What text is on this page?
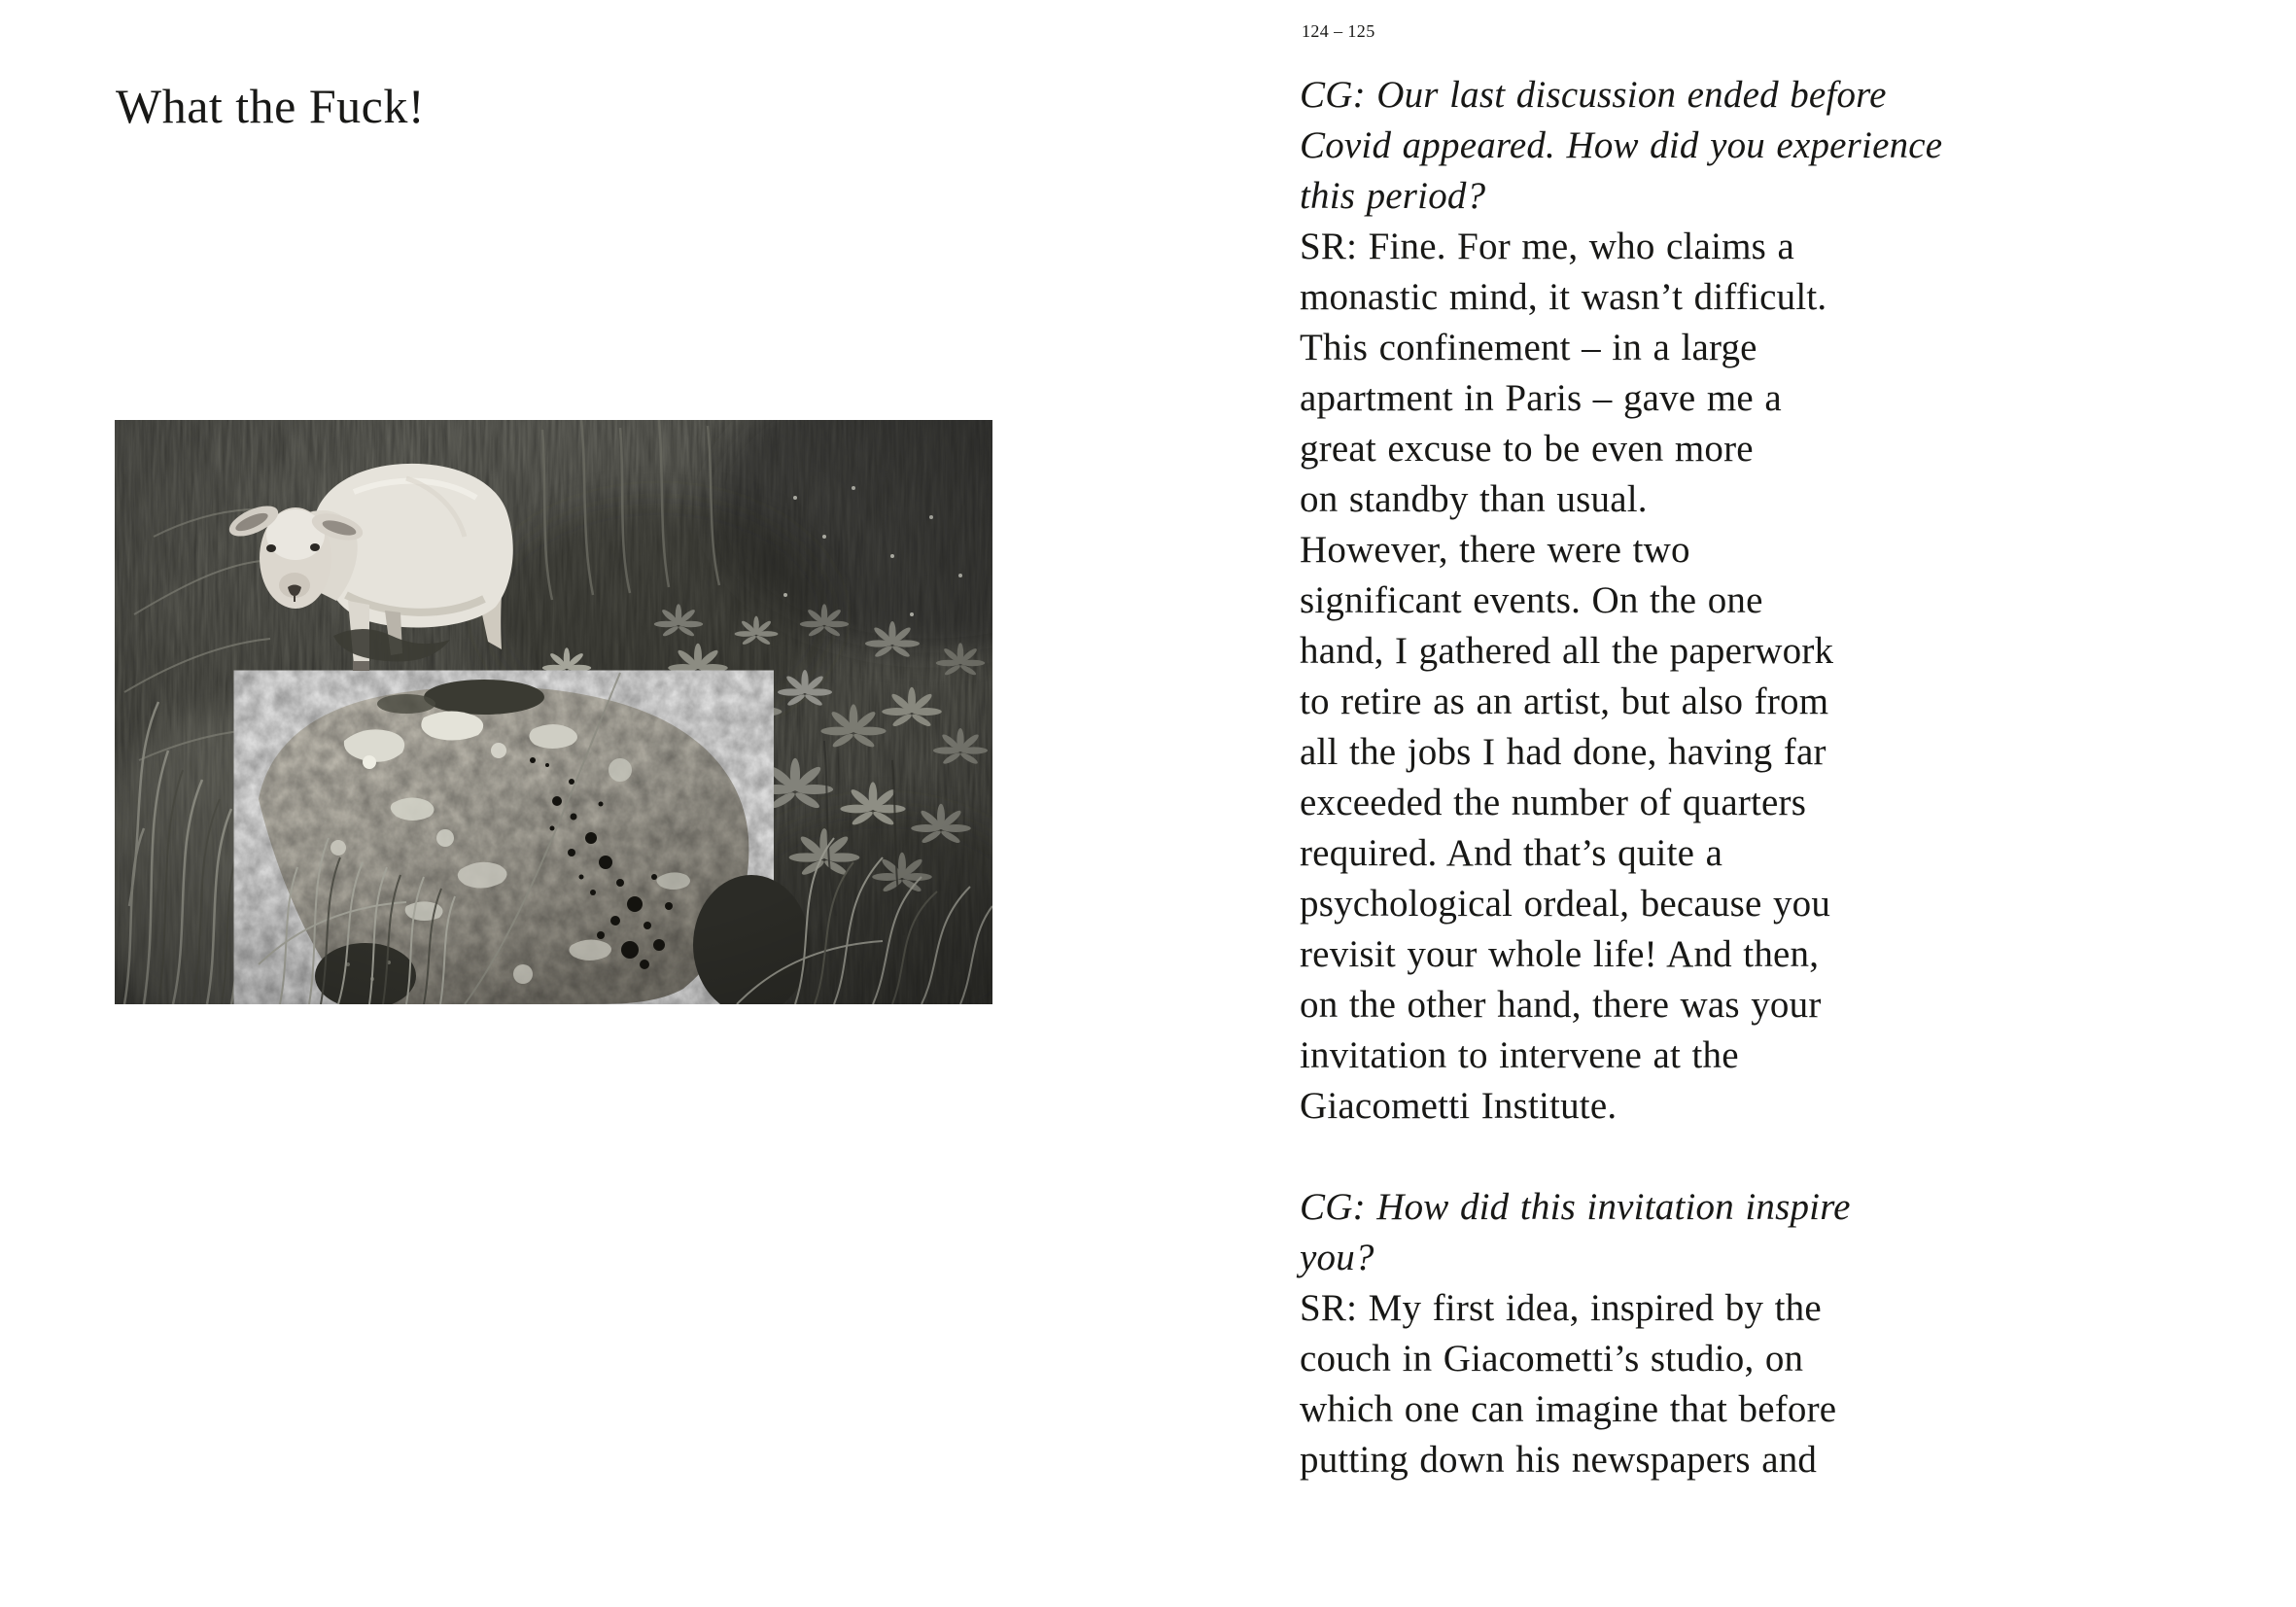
What the Fuck!
124 – 125
CG: Our last discussion ended before
Covid appeared. How did you experience
this period?
SR: Fine. For me, who claims a
monastic mind, it wasn’t difficult.
This confinement – in a large
apartment in Paris – gave me a
great excuse to be even more
on standby than usual.
However, there were two
significant events. On the one
hand, I gathered all the paperwork
to retire as an artist, but also from
all the jobs I had done, having far
exceeded the number of quarters
required. And that’s quite a
psychological ordeal, because you
revisit your whole life! And then,
on the other hand, there was your
invitation to intervene at the
Giacometti Institute.
CG: How did this invitation inspire
you?
SR: My first idea, inspired by the
couch in Giacometti’s studio, on
which one can imagine that before
putting down his newspapers and
